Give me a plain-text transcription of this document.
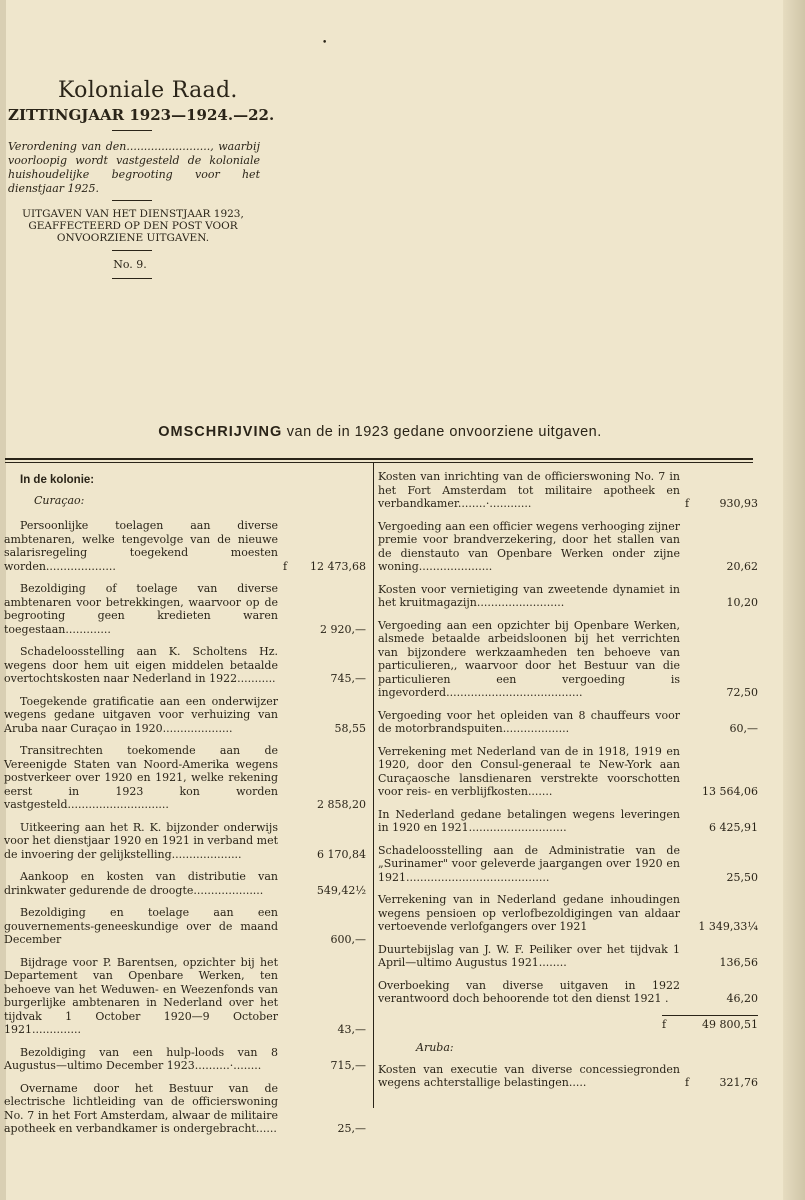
•
Koloniale Raad.
ZITTINGJAAR 1923—1924.—22.
Verordening van den........................, waarbij voorloopig wordt vastgesteld de koloniale huishoudelijke begrooting voor het dienstjaar 1925.
UITGAVEN VAN HET DIENSTJAAR 1923, GEAFFECTEERD OP DEN POST VOOR ONVOORZIENE UITGAVEN.
No. 9.
OMSCHRIJVING van de in 1923 gedane onvoorziene uitgaven.
In de kolonie:
Curaçao:
Persoonlijke toelagen aan diverse ambtenaren, welke tengevolge van de nieuwe salarisregeling toegekend moesten worden....................	f	12 473,68
Bezoldiging of toelage van diverse ambtenaren voor betrekkingen, waarvoor op de begrooting geen kredieten waren toegestaan.............	2 920,—
Schadeloosstelling aan K. Scholtens Hz. wegens door hem uit eigen middelen betaalde overtochtskosten naar Nederland in 1922...........	745,—
Toegekende gratificatie aan een onderwijzer wegens gedane uitgaven voor verhuizing van Aruba naar Curaçao in 1920....................	58,55
Transitrechten toekomende aan de Vereenigde Staten van Noord-Amerika wegens postverkeer over 1920 en 1921, welke rekening eerst in 1923 kon worden vastgesteld.............................	2 858,20
Uitkeering aan het R. K. bijzonder onderwijs voor het dienstjaar 1920 en 1921 in verband met de invoering der gelijkstelling....................	6 170,84
Aankoop en kosten van distributie van drinkwater gedurende de droogte....................	549,42½
Bezoldiging en toelage aan een gouvernements-geneeskundige over de maand December	600,—
Bijdrage voor P. Barentsen, opzichter bij het Departement van Openbare Werken, ten behoeve van het Weduwen- en Weezenfonds van burgerlijke ambtenaren in Nederland over het tijdvak 1 October 1920—9 October 1921..............	43,—
Bezoldiging van een hulp-loods van 8 Augustus—ultimo December 1923..........·........	715,—
Overname door het Bestuur van de electrische lichtleiding van de officierswoning No. 7 in het Fort Amsterdam, alwaar de militaire apotheek en verbandkamer is ondergebracht......	25,—
Kosten van inrichting van de officierswoning No. 7 in het Fort Amsterdam tot militaire apotheek en verbandkamer........·............	f	930,93
Vergoeding aan een officier wegens verhooging zijner premie voor brandverzekering, door het stallen van de dienstauto van Openbare Werken onder zijne woning.....................	20,62
Kosten voor vernietiging van zweetende dynamiet in het kruitmagazijn.........................	10,20
Vergoeding aan een opzichter bij Openbare Werken, alsmede betaalde arbeidsloonen bij het verrichten van bijzondere werkzaamheden ten behoeve van particulieren,, waarvoor door het Bestuur van die particulieren een vergoeding is ingevorderd.......................................	72,50
Vergoeding voor het opleiden van 8 chauffeurs voor de motorbrandspuiten...................	60,—
Verrekening met Nederland van de in 1918, 1919 en 1920, door den Consul-generaal te New-York aan Curaçaosche lansdienaren verstrekte voorschotten voor reis- en verblijfkosten.......	13 564,06
In Nederland gedane betalingen wegens leveringen in 1920 en 1921............................	6 425,91
Schadeloosstelling aan de Administratie van de „Surinamer" voor geleverde jaargangen over 1920 en 1921.........................................	25,50
Verrekening van in Nederland gedane inhoudingen wegens pensioen op verlofbezoldigingen van aldaar vertoevende verlofgangers over 1921	1 349,33¼
Duurtebijslag van J. W. F. Peiliker over het tijdvak 1 April—ultimo Augustus 1921........	136,56
Overboeking van diverse uitgaven in 1922 verantwoord doch behoorende tot den dienst 1921 .	46,20
f	49 800,51
Aruba:
Kosten van executie van diverse concessiegronden wegens achterstallige belastingen.....	f	321,76
